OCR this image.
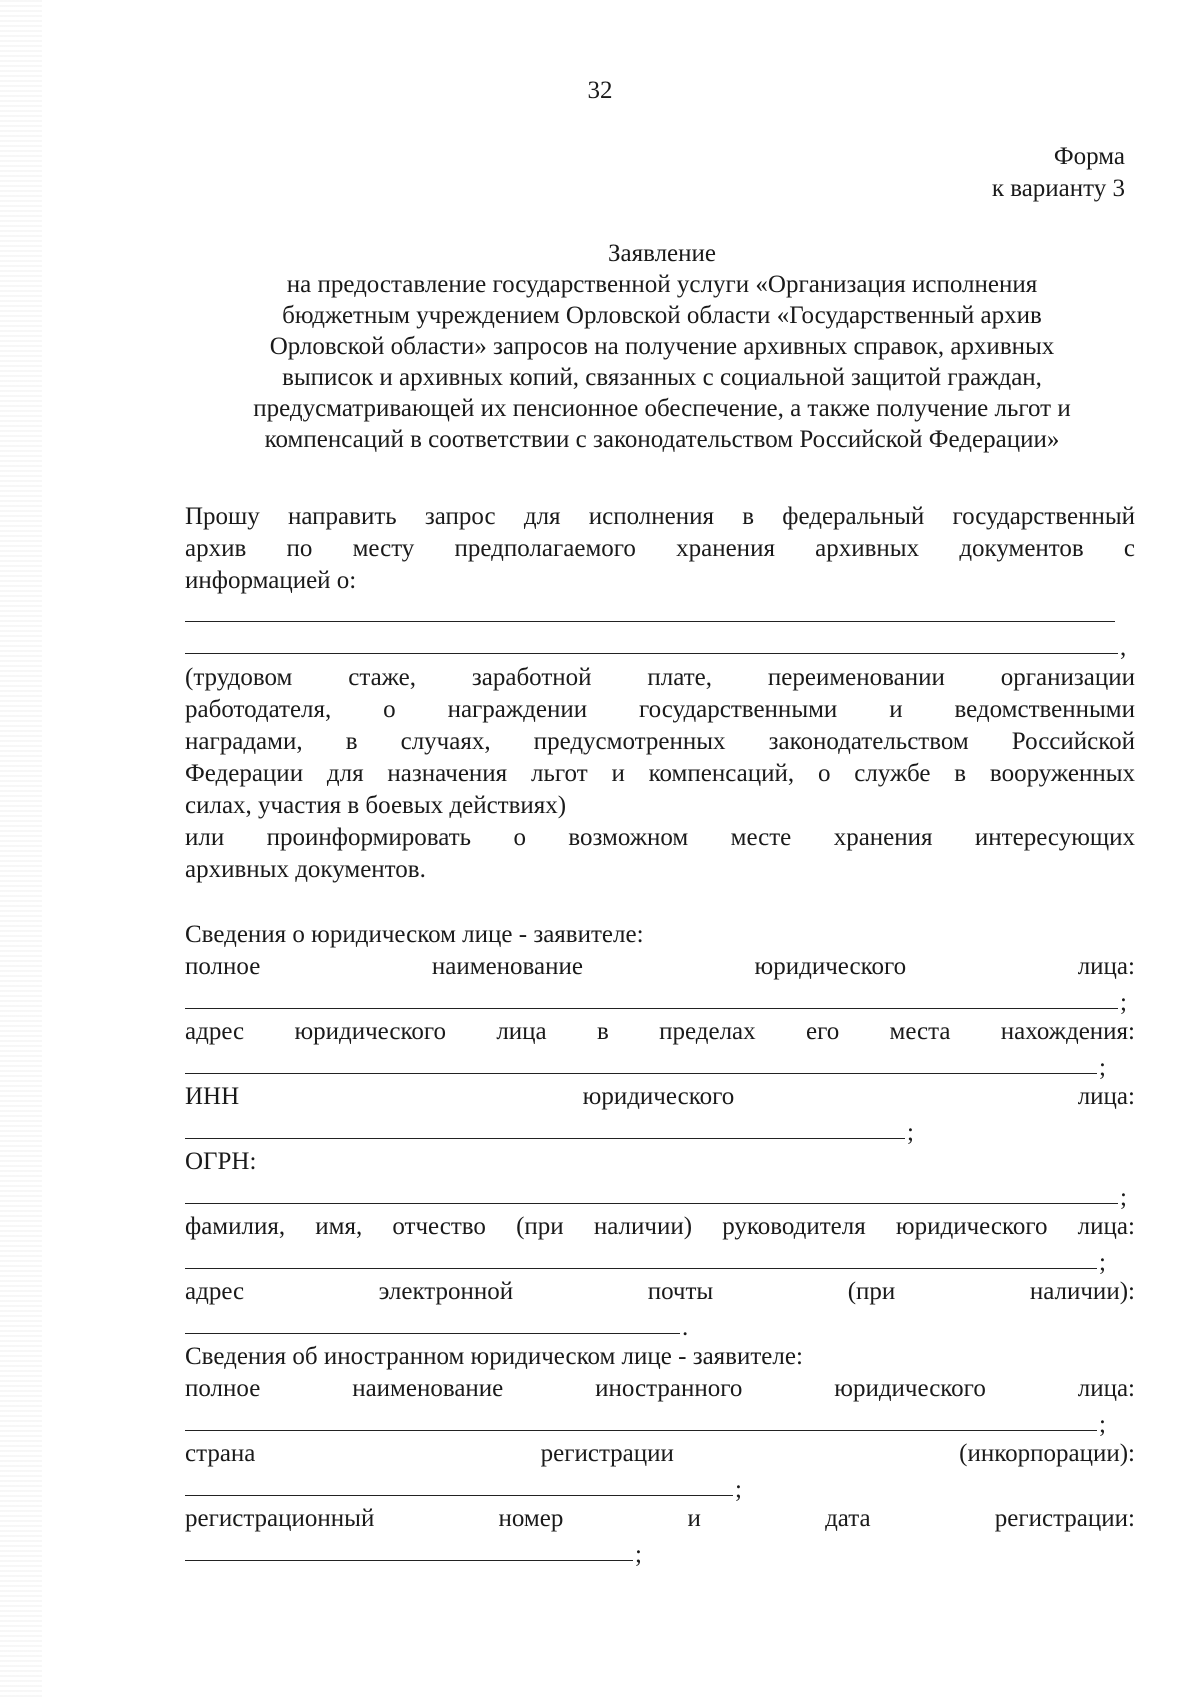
32
Форма
к варианту 3
Заявление
на предоставление государственной услуги «Организация исполнения
бюджетным учреждением Орловской области «Государственный архив
Орловской области» запросов на получение архивных справок, архивных
выписок и архивных копий, связанных с социальной защитой граждан,
предусматривающей их пенсионное обеспечение, а также получение льгот и
компенсаций в соответствии с законодательством Российской Федерации»
Прошу направить запрос для исполнения в федеральный государственный
архив по месту предполагаемого хранения архивных документов с
информацией о:
,
(трудовом стаже, заработной плате, переименовании организации
работодателя, о награждении государственными и ведомственными
наградами, в случаях, предусмотренных законодательством Российской
Федерации для назначения льгот и компенсаций, о службе в вооруженных
силах, участия в боевых действиях)
или проинформировать о возможном месте хранения интересующих
архивных документов.
Сведения о юридическом лице - заявителе:
полное	наименование	юридического	лица:
;
адрес юридического лица в пределах его места нахождения:
;
ИНН	юридического	лица:
;
ОГРН:
;
фамилия, имя, отчество (при наличии) руководителя юридического лица:
;
адрес	электронной	почты	(при	наличии):
.
Сведения об иностранном юридическом лице - заявителе:
полное	наименование	иностранного	юридического	лица:
;
страна	регистрации	(инкорпорации):
;
регистрационный	номер	и	дата	регистрации:
;
